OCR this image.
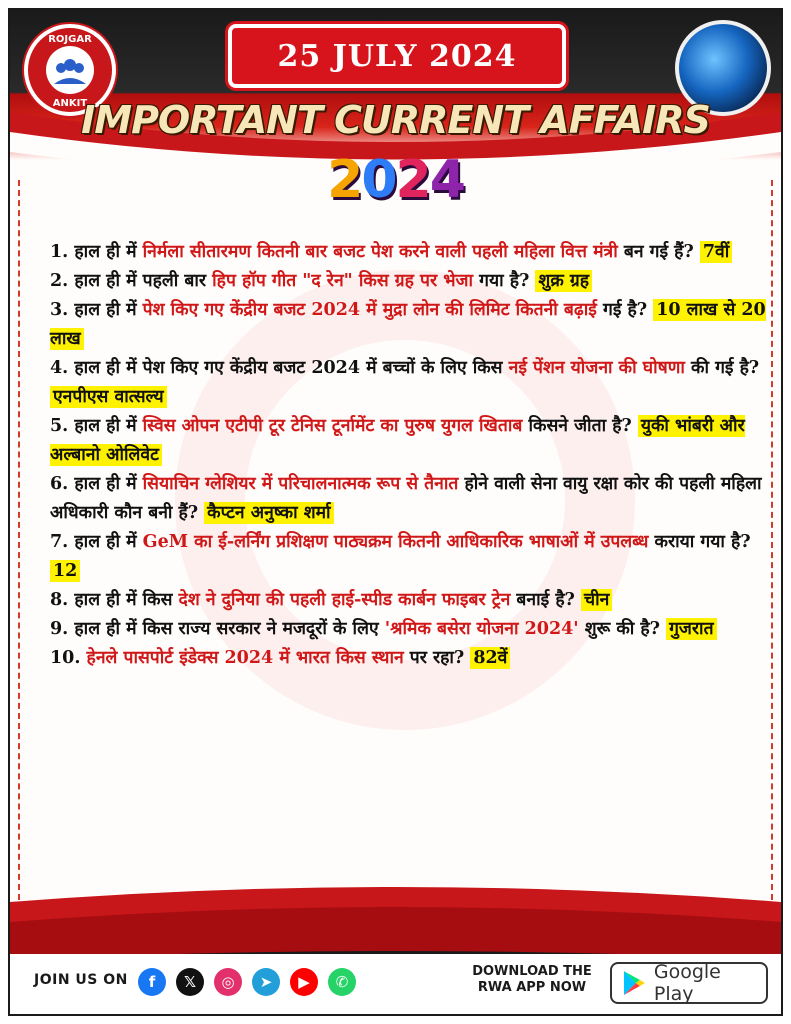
ROJGAR
ANKIT
25 JULY 2024
IMPORTANT CURRENT AFFAIRS
2024
1. हाल ही में निर्मला सीतारमण कितनी बार बजट पेश करने वाली पहली महिला वित्त मंत्री बन गई हैं? 7वीं
2. हाल ही में पहली बार हिप हॉप गीत "द रेन" किस ग्रह पर भेजा गया है? शुक्र ग्रह
3. हाल ही में पेश किए गए केंद्रीय बजट 2024 में मुद्रा लोन की लिमिट कितनी बढ़ाई गई है? 10 लाख से 20 लाख
4. हाल ही में पेश किए गए केंद्रीय बजट 2024 में बच्चों के लिए किस नई पेंशन योजना की घोषणा की गई है? एनपीएस वात्सल्य
5. हाल ही में स्विस ओपन एटीपी टूर टेनिस टूर्नामेंट का पुरुष युगल खिताब किसने जीता है? युकी भांबरी और अल्बानो ओलिवेट
6. हाल ही में सियाचिन ग्लेशियर में परिचालनात्मक रूप से तैनात होने वाली सेना वायु रक्षा कोर की पहली महिला अधिकारी कौन बनी हैं? कैप्टन अनुष्का शर्मा
7. हाल ही में GeM का ई-लर्निंग प्रशिक्षण पाठ्यक्रम कितनी आधिकारिक भाषाओं में उपलब्ध कराया गया है? 12
8. हाल ही में किस देश ने दुनिया की पहली हाई-स्पीड कार्बन फाइबर ट्रेन बनाई है? चीन
9. हाल ही में किस राज्य सरकार ने मजदूरों के लिए 'श्रमिक बसेरा योजना 2024' शुरू की है? गुजरात
10. हेनले पासपोर्ट इंडेक्स 2024 में भारत किस स्थान पर रहा? 82वें
JOIN US ON	f	𝕏	◎	➤	▶	✆
DOWNLOAD THE
RWA APP NOW
Google Play
